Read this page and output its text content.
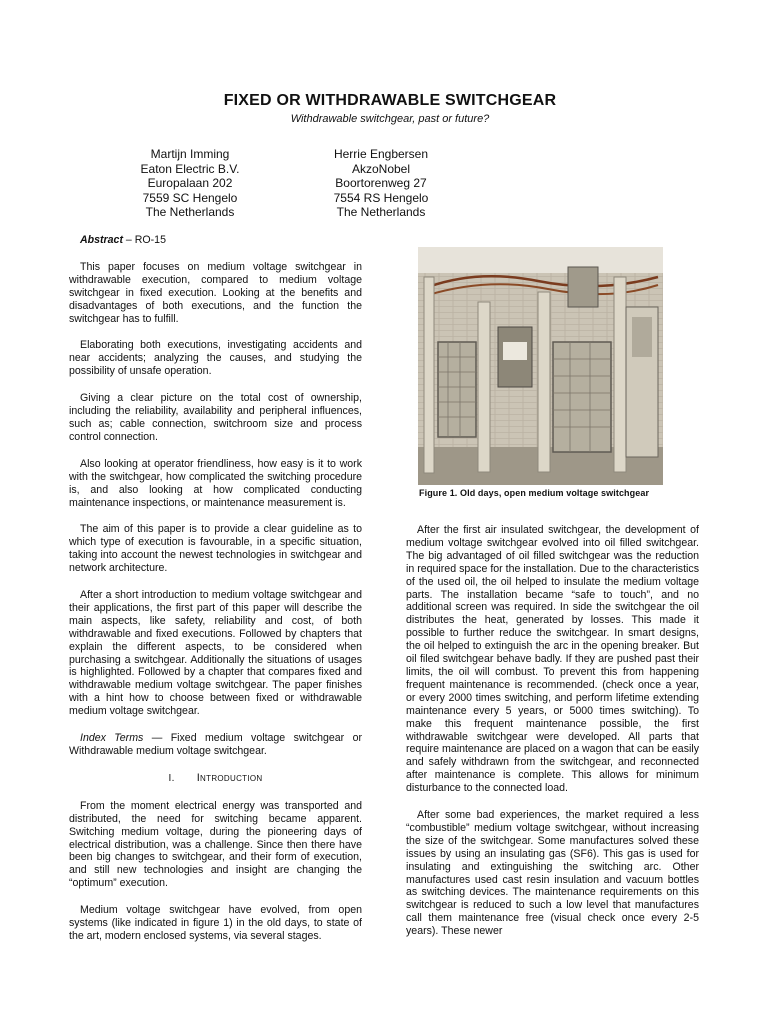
FIXED OR WITHDRAWABLE SWITCHGEAR
Withdrawable switchgear, past or future?
Martijn Imming
Eaton Electric B.V.
Europalaan 202
7559 SC Hengelo
The Netherlands
Herrie Engbersen
AkzoNobel
Boortorenweg 27
7554 RS Hengelo
The Netherlands

Abstract – RO-15

This paper focuses on medium voltage switchgear in withdrawable execution, compared to medium voltage switchgear in fixed execution. Looking at the benefits and disadvantages of both executions, and the function the switchgear has to fulfill.

Elaborating both executions, investigating accidents and near accidents; analyzing the causes, and studying the possibility of unsafe operation.

Giving a clear picture on the total cost of ownership, including the reliability, availability and peripheral influences, such as; cable connection, switchroom size and process control connection.

Also looking at operator friendliness, how easy is it to work with the switchgear, how complicated the switching procedure is, and also looking at how complicated conducting maintenance inspections, or maintenance measurement is.

The aim of this paper is to provide a clear guideline as to which type of execution is favourable, in a specific situation, taking into account the newest technologies in switchgear and network architecture.

After a short introduction to medium voltage switchgear and their applications, the first part of this paper will describe the main aspects, like safety, reliability and cost, of both withdrawable and fixed executions. Followed by chapters that explain the different aspects, to be considered when purchasing a switchgear. Additionally the situations of usages is highlighted. Followed by a chapter that compares fixed and withdrawable medium voltage switchgear. The paper finishes with a hint how to choose between fixed or withdrawable medium voltage switchgear.

Index Terms — Fixed medium voltage switchgear or Withdrawable medium voltage switchgear.

I. Introduction

From the moment electrical energy was transported and distributed, the need for switching became apparent. Switching medium voltage, during the pioneering days of electrical distribution, was a challenge. Since then there have been big changes to switchgear, and their form of execution, and still new technologies and insight are changing the “optimum” execution.

Medium voltage switchgear have evolved, from open systems (like indicated in figure 1) in the old days, to state of the art, modern enclosed systems, via several stages.

Figure 1. Old days, open medium voltage switchgear

After the first air insulated switchgear, the development of medium voltage switchgear evolved into oil filled switchgear. The big advantaged of oil filled switchgear was the reduction in required space for the installation. Due to the characteristics of the used oil, the oil helped to insulate the medium voltage parts. The installation became “safe to touch”, and no additional screen was required. In side the switchgear the oil distributes the heat, generated by losses. This made it possible to further reduce the switchgear. In smart designs, the oil helped to extinguish the arc in the opening breaker. But oil filed switchgear behave badly. If they are pushed past their limits, the oil will combust. To prevent this from happening frequent maintenance is recommended. (check once a year, or every 2000 times switching, and perform lifetime extending maintenance every 5 years, or 5000 times switching). To make this frequent maintenance possible, the first withdrawable switchgear were developed. All parts that require maintenance are placed on a wagon that can be easily and safely withdrawn from the switchgear, and reconnected after maintenance is complete. This allows for minimum disturbance to the connected load.

After some bad experiences, the market required a less “combustible” medium voltage switchgear, without increasing the size of the switchgear. Some manufactures solved these issues by using an insulating gas (SF6). This gas is used for insulating and extinguishing the switching arc. Other manufactures used cast resin insulation and vacuum bottles as switching devices. The maintenance requirements on this switchgear is reduced to such a low level that manufactures call them maintenance free (visual check once every 2-5 years). These newer
